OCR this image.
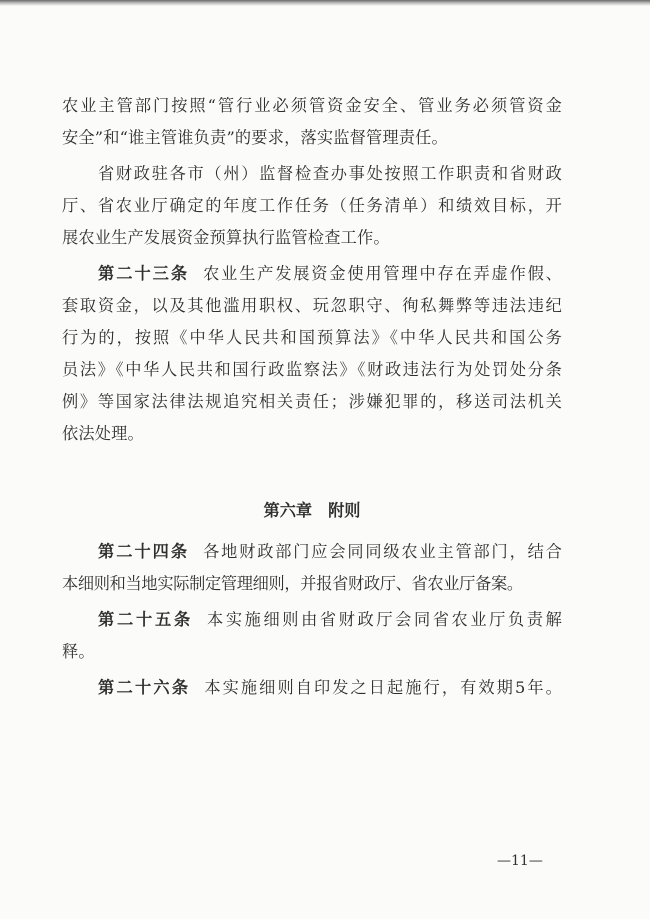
农业主管部门按照“管行业必须管资金安全、管业务必须管资金
安全”和“谁主管谁负责”的要求，落实监督管理责任。
省财政驻各市（州）监督检查办事处按照工作职责和省财政
厅、省农业厅确定的年度工作任务（任务清单）和绩效目标，开
展农业生产发展资金预算执行监管检查工作。
第二十三条 农业生产发展资金使用管理中存在弄虚作假、
套取资金，以及其他滥用职权、玩忽职守、徇私舞弊等违法违纪
行为的，按照《中华人民共和国预算法》《中华人民共和国公务
员法》《中华人民共和国行政监察法》《财政违法行为处罚处分条
例》等国家法律法规追究相关责任；涉嫌犯罪的，移送司法机关
依法处理。
第六章 附则
第二十四条 各地财政部门应会同同级农业主管部门，结合
本细则和当地实际制定管理细则，并报省财政厅、省农业厅备案。
第二十五条 本实施细则由省财政厅会同省农业厅负责解
释。
第二十六条 本实施细则自印发之日起施行，有效期5年。
—11—
